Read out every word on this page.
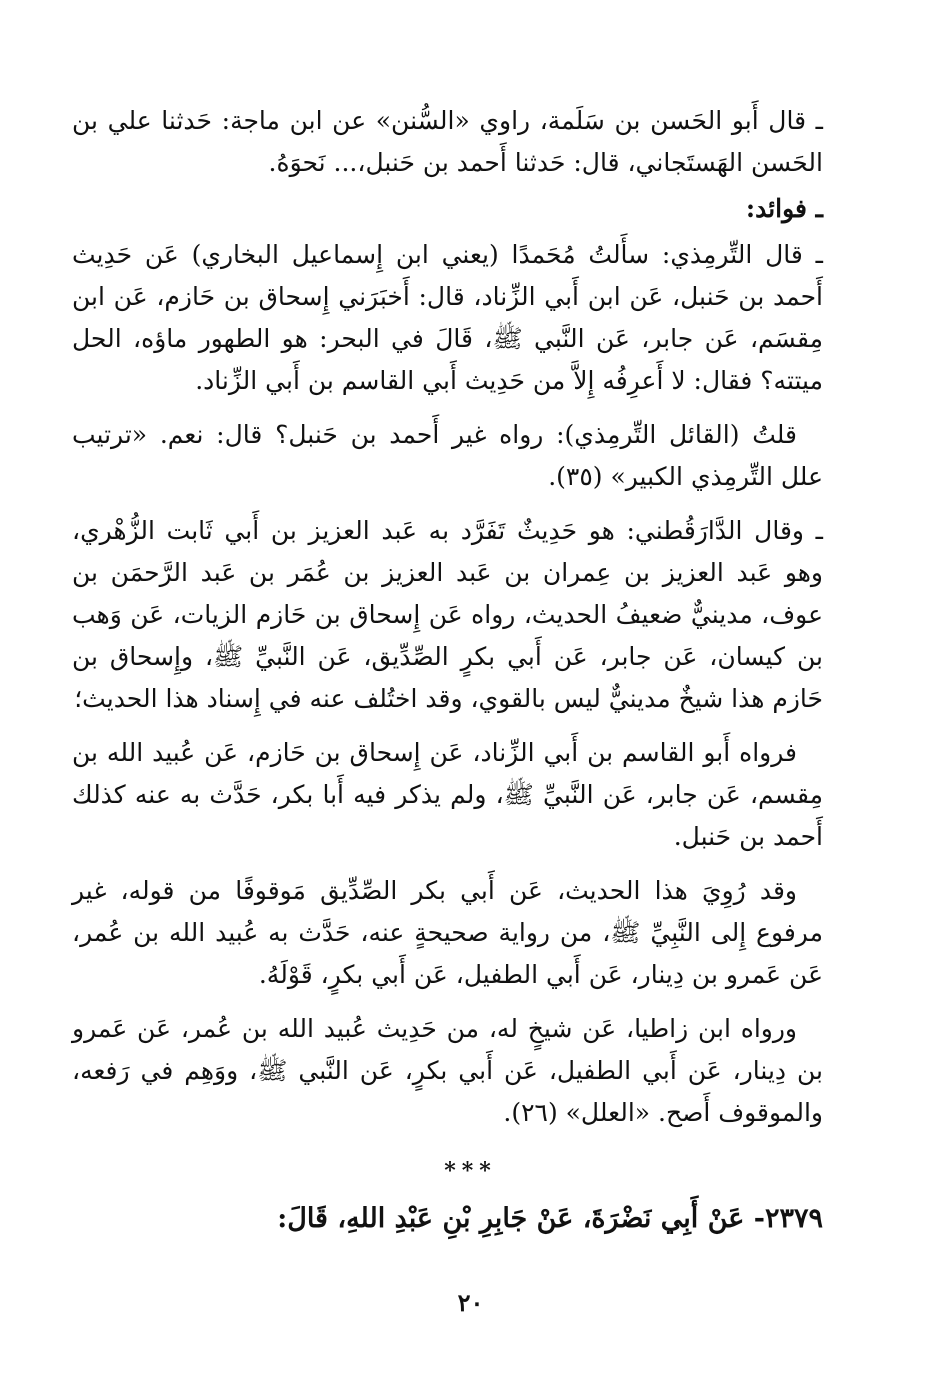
ـ قال أَبو الحَسن بن سَلَمة، راوي «السُّنن» عن ابن ماجة: حَدثنا علي بن الحَسن الهَستَجاني، قال: حَدثنا أَحمد بن حَنبل،... نَحوَهُ.

ـ فوائد:

ـ قال التِّرمِذي: سأَلتُ مُحَمدًا (يعني ابن إِسماعيل البخاري) عَن حَدِيث أَحمد بن حَنبل، عَن ابن أَبي الزِّناد، قال: أَخبَرَني إِسحاق بن حَازم، عَن ابن مِقسَم، عَن جابر، عَن النَّبي ﷺ، قَالَ في البحر: هو الطهور ماؤه، الحل ميتته؟ فقال: لا أَعرِفُه إِلاَّ من حَدِيث أَبي القاسم بن أَبي الزِّناد.

قلتُ (القائل التِّرمِذي): رواه غير أَحمد بن حَنبل؟ قال: نعم. «ترتيب علل التِّرمِذي الكبير» (٣٥).

ـ وقال الدَّارَقُطني: هو حَدِيثٌ تَفَرَّد به عَبد العزيز بن أَبي ثَابت الزُّهْري، وهو عَبد العزيز بن عِمران بن عَبد العزيز بن عُمَر بن عَبد الرَّحمَن بن عوف، مدينيٌّ ضعيفُ الحديث، رواه عَن إِسحاق بن حَازم الزيات، عَن وَهب بن كيسان، عَن جابر، عَن أَبي بكرٍ الصِّدِّيق، عَن النَّبيِّ ﷺ، وإِسحاق بن حَازم هذا شيخٌ مدينيٌّ ليس بالقوي، وقد اختُلف عنه في إِسناد هذا الحديث؛

فرواه أَبو القاسم بن أَبي الزِّناد، عَن إِسحاق بن حَازم، عَن عُبيد الله بن مِقسم، عَن جابر، عَن النَّبيِّ ﷺ، ولم يذكر فيه أَبا بكر، حَدَّث به عنه كذلك أَحمد بن حَنبل.

وقد رُوِيَ هذا الحديث، عَن أَبي بكر الصِّدِّيق مَوقوفًا من قوله، غير مرفوع إِلى النَّبِيِّ ﷺ، من رواية صحيحةٍ عنه، حَدَّث به عُبيد الله بن عُمر، عَن عَمرو بن دِينار، عَن أَبي الطفيل، عَن أَبي بكرٍ، قَوْلَهُ.

ورواه ابن زاطيا، عَن شيخٍ له، من حَدِيث عُبيد الله بن عُمر، عَن عَمرو بن دِينار، عَن أَبي الطفيل، عَن أَبي بكرٍ، عَن النَّبي ﷺ، ووَهِم في رَفعه، والموقوف أَصح. «العلل» (٢٦).

***
٢٣٧٩- عَنْ أَبِي نَضْرَةَ، عَنْ جَابِرِ بْنِ عَبْدِ اللهِ، قَالَ:
٢٠
